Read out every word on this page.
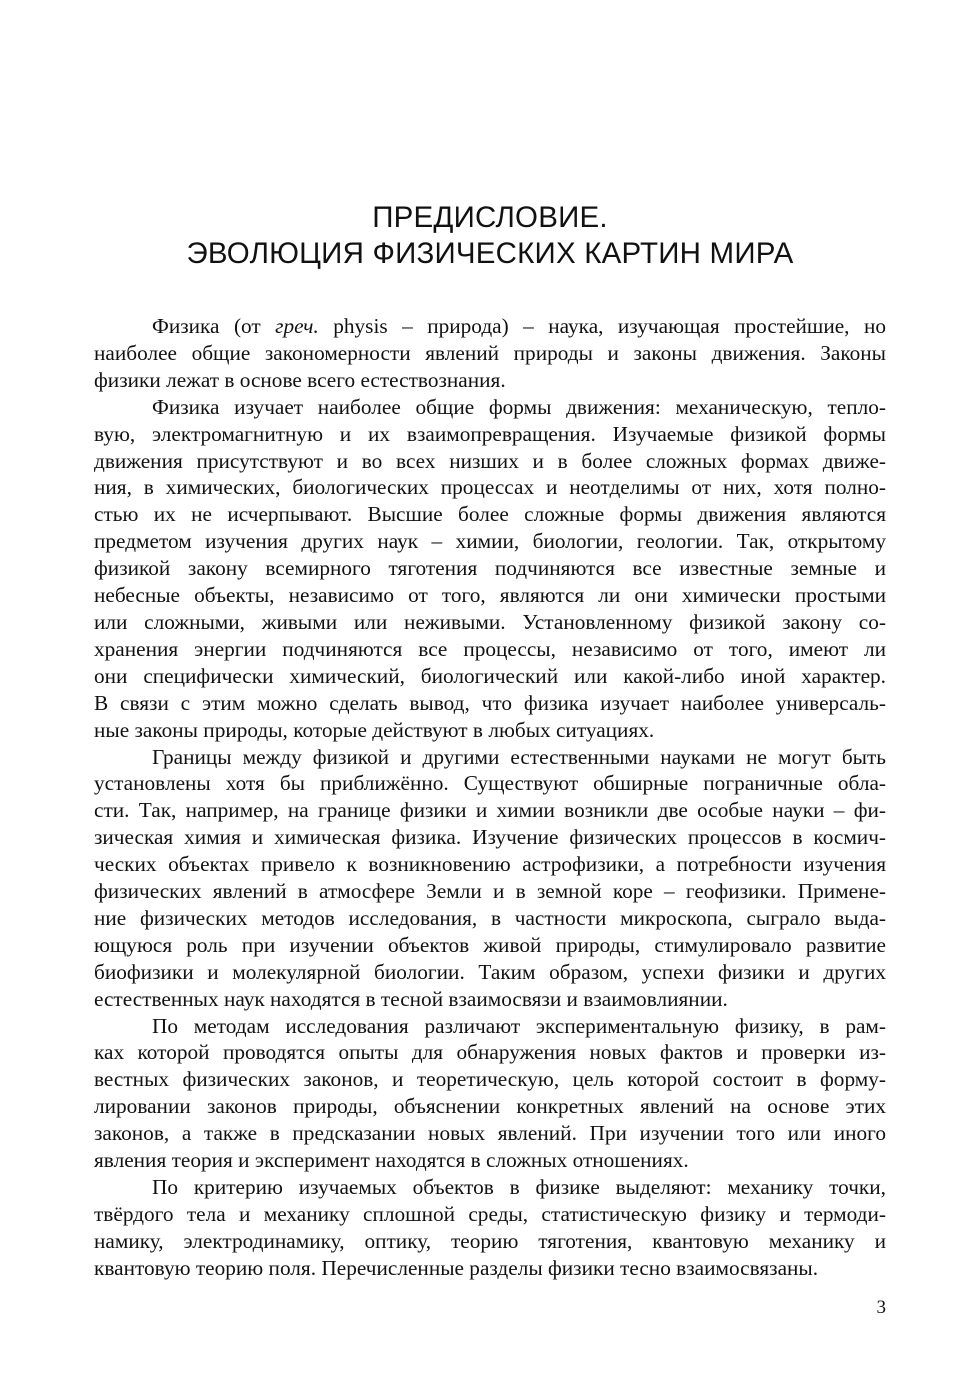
ПРЕДИСЛОВИЕ.
ЭВОЛЮЦИЯ ФИЗИЧЕСКИХ КАРТИН МИРА

Физика (от греч. physis – природа) – наука, изучающая простейшие, но
наиболее общие закономерности явлений природы и законы движения. Законы
физики лежат в основе всего естествознания.

Физика изучает наиболее общие формы движения: механическую, тепло-
вую, электромагнитную и их взаимопревращения. Изучаемые физикой формы
движения присутствуют и во всех низших и в более сложных формах движе-
ния, в химических, биологических процессах и неотделимы от них, хотя полно-
стью их не исчерпывают. Высшие более сложные формы движения являются
предметом изучения других наук – химии, биологии, геологии. Так, открытому
физикой закону всемирного тяготения подчиняются все известные земные и
небесные объекты, независимо от того, являются ли они химически простыми
или сложными, живыми или неживыми. Установленному физикой закону со-
хранения энергии подчиняются все процессы, независимо от того, имеют ли
они специфически химический, биологический или какой-либо иной характер.
В связи с этим можно сделать вывод, что физика изучает наиболее универсаль-
ные законы природы, которые действуют в любых ситуациях.

Границы между физикой и другими естественными науками не могут быть
установлены хотя бы приближённо. Существуют обширные пограничные обла-
сти. Так, например, на границе физики и химии возникли две особые науки – фи-
зическая химия и химическая физика. Изучение физических процессов в космич-
ческих объектах привело к возникновению астрофизики, а потребности изучения
физических явлений в атмосфере Земли и в земной коре – геофизики. Примене-
ние физических методов исследования, в частности микроскопа, сыграло выда-
ющуюся роль при изучении объектов живой природы, стимулировало развитие
биофизики и молекулярной биологии. Таким образом, успехи физики и других
естественных наук находятся в тесной взаимосвязи и взаимовлиянии.

По методам исследования различают экспериментальную физику, в рам-
ках которой проводятся опыты для обнаружения новых фактов и проверки из-
вестных физических законов, и теоретическую, цель которой состоит в форму-
лировании законов природы, объяснении конкретных явлений на основе этих
законов, а также в предсказании новых явлений. При изучении того или иного
явления теория и эксперимент находятся в сложных отношениях.

По критерию изучаемых объектов в физике выделяют: механику точки,
твёрдого тела и механику сплошной среды, статистическую физику и термоди-
намику, электродинамику, оптику, теорию тяготения, квантовую механику и
квантовую теорию поля. Перечисленные разделы физики тесно взаимосвязаны.

3
